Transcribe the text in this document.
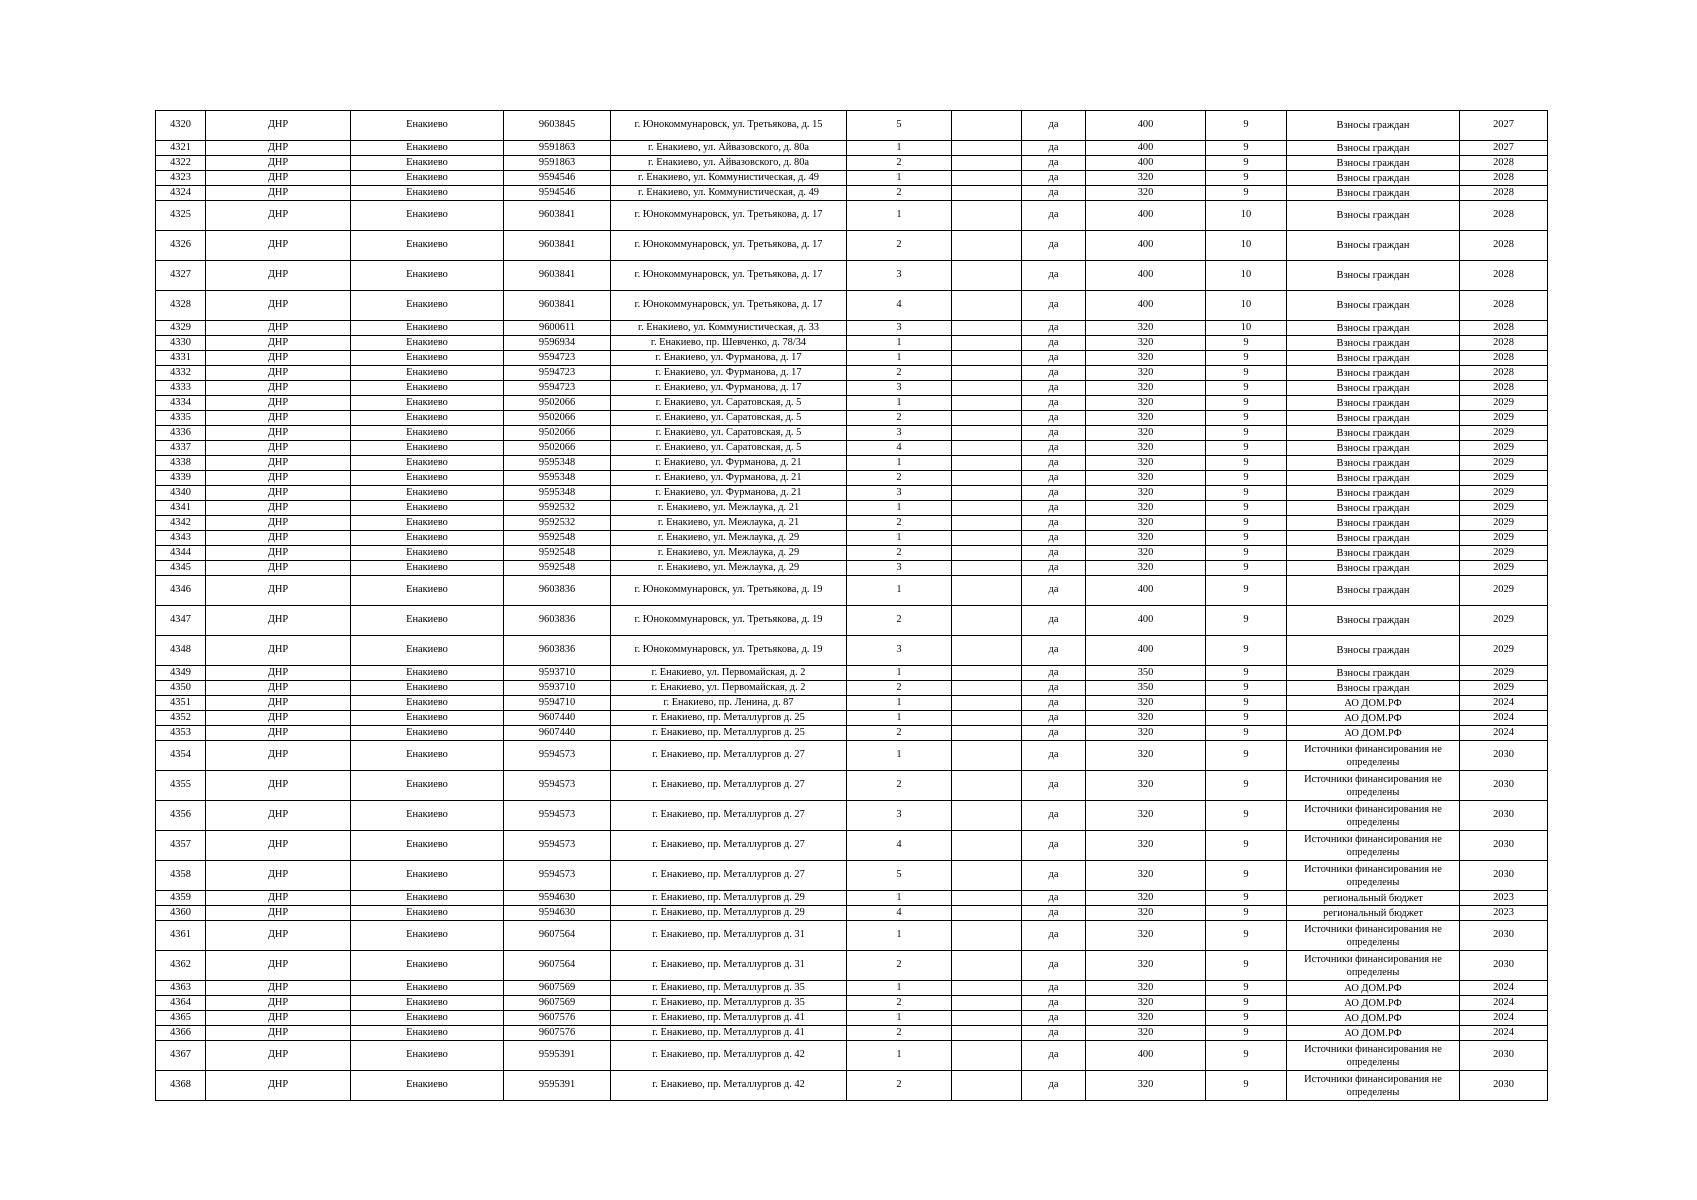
4320	ДНР	Енакиево	9603845	г. Юнокоммунаровск, ул. Третьякова, д. 15	5		да	400	9	Взносы граждан	2027
4321	ДНР	Енакиево	9591863	г. Енакиево, ул. Айвазовского, д. 80а	1		да	400	9	Взносы граждан	2027
4322	ДНР	Енакиево	9591863	г. Енакиево, ул. Айвазовского, д. 80а	2		да	400	9	Взносы граждан	2028
4323	ДНР	Енакиево	9594546	г. Енакиево, ул. Коммунистическая, д. 49	1		да	320	9	Взносы граждан	2028
4324	ДНР	Енакиево	9594546	г. Енакиево, ул. Коммунистическая, д. 49	2		да	320	9	Взносы граждан	2028
4325	ДНР	Енакиево	9603841	г. Юнокоммунаровск, ул. Третьякова, д. 17	1		да	400	10	Взносы граждан	2028
4326	ДНР	Енакиево	9603841	г. Юнокоммунаровск, ул. Третьякова, д. 17	2		да	400	10	Взносы граждан	2028
4327	ДНР	Енакиево	9603841	г. Юнокоммунаровск, ул. Третьякова, д. 17	3		да	400	10	Взносы граждан	2028
4328	ДНР	Енакиево	9603841	г. Юнокоммунаровск, ул. Третьякова, д. 17	4		да	400	10	Взносы граждан	2028
4329	ДНР	Енакиево	9600611	г. Енакиево, ул. Коммунистическая, д. 33	3		да	320	10	Взносы граждан	2028
4330	ДНР	Енакиево	9596934	г. Енакиево, пр. Шевченко, д. 78/34	1		да	320	9	Взносы граждан	2028
4331	ДНР	Енакиево	9594723	г. Енакиево, ул. Фурманова, д. 17	1		да	320	9	Взносы граждан	2028
4332	ДНР	Енакиево	9594723	г. Енакиево, ул. Фурманова, д. 17	2		да	320	9	Взносы граждан	2028
4333	ДНР	Енакиево	9594723	г. Енакиево, ул. Фурманова, д. 17	3		да	320	9	Взносы граждан	2028
4334	ДНР	Енакиево	9502066	г. Енакиево, ул. Саратовская, д. 5	1		да	320	9	Взносы граждан	2029
4335	ДНР	Енакиево	9502066	г. Енакиево, ул. Саратовская, д. 5	2		да	320	9	Взносы граждан	2029
4336	ДНР	Енакиево	9502066	г. Енакиево, ул. Саратовская, д. 5	3		да	320	9	Взносы граждан	2029
4337	ДНР	Енакиево	9502066	г. Енакиево, ул. Саратовская, д. 5	4		да	320	9	Взносы граждан	2029
4338	ДНР	Енакиево	9595348	г. Енакиево, ул. Фурманова, д. 21	1		да	320	9	Взносы граждан	2029
4339	ДНР	Енакиево	9595348	г. Енакиево, ул. Фурманова, д. 21	2		да	320	9	Взносы граждан	2029
4340	ДНР	Енакиево	9595348	г. Енакиево, ул. Фурманова, д. 21	3		да	320	9	Взносы граждан	2029
4341	ДНР	Енакиево	9592532	г. Енакиево, ул. Межлаука, д. 21	1		да	320	9	Взносы граждан	2029
4342	ДНР	Енакиево	9592532	г. Енакиево, ул. Межлаука, д. 21	2		да	320	9	Взносы граждан	2029
4343	ДНР	Енакиево	9592548	г. Енакиево, ул. Межлаука, д. 29	1		да	320	9	Взносы граждан	2029
4344	ДНР	Енакиево	9592548	г. Енакиево, ул. Межлаука, д. 29	2		да	320	9	Взносы граждан	2029
4345	ДНР	Енакиево	9592548	г. Енакиево, ул. Межлаука, д. 29	3		да	320	9	Взносы граждан	2029
4346	ДНР	Енакиево	9603836	г. Юнокоммунаровск, ул. Третьякова, д. 19	1		да	400	9	Взносы граждан	2029
4347	ДНР	Енакиево	9603836	г. Юнокоммунаровск, ул. Третьякова, д. 19	2		да	400	9	Взносы граждан	2029
4348	ДНР	Енакиево	9603836	г. Юнокоммунаровск, ул. Третьякова, д. 19	3		да	400	9	Взносы граждан	2029
4349	ДНР	Енакиево	9593710	г. Енакиево, ул. Первомайская, д. 2	1		да	350	9	Взносы граждан	2029
4350	ДНР	Енакиево	9593710	г. Енакиево, ул. Первомайская, д. 2	2		да	350	9	Взносы граждан	2029
4351	ДНР	Енакиево	9594710	г. Енакиево, пр. Ленина, д. 87	1		да	320	9	АО ДОМ.РФ	2024
4352	ДНР	Енакиево	9607440	г. Енакиево, пр. Металлургов д. 25	1		да	320	9	АО ДОМ.РФ	2024
4353	ДНР	Енакиево	9607440	г. Енакиево, пр. Металлургов д. 25	2		да	320	9	АО ДОМ.РФ	2024
4354	ДНР	Енакиево	9594573	г. Енакиево, пр. Металлургов д. 27	1		да	320	9	Источники финансирования не определены	2030
4355	ДНР	Енакиево	9594573	г. Енакиево, пр. Металлургов д. 27	2		да	320	9	Источники финансирования не определены	2030
4356	ДНР	Енакиево	9594573	г. Енакиево, пр. Металлургов д. 27	3		да	320	9	Источники финансирования не определены	2030
4357	ДНР	Енакиево	9594573	г. Енакиево, пр. Металлургов д. 27	4		да	320	9	Источники финансирования не определены	2030
4358	ДНР	Енакиево	9594573	г. Енакиево, пр. Металлургов д. 27	5		да	320	9	Источники финансирования не определены	2030
4359	ДНР	Енакиево	9594630	г. Енакиево, пр. Металлургов д. 29	1		да	320	9	региональный бюджет	2023
4360	ДНР	Енакиево	9594630	г. Енакиево, пр. Металлургов д. 29	4		да	320	9	региональный бюджет	2023
4361	ДНР	Енакиево	9607564	г. Енакиево, пр. Металлургов д. 31	1		да	320	9	Источники финансирования не определены	2030
4362	ДНР	Енакиево	9607564	г. Енакиево, пр. Металлургов д. 31	2		да	320	9	Источники финансирования не определены	2030
4363	ДНР	Енакиево	9607569	г. Енакиево, пр. Металлургов д. 35	1		да	320	9	АО ДОМ.РФ	2024
4364	ДНР	Енакиево	9607569	г. Енакиево, пр. Металлургов д. 35	2		да	320	9	АО ДОМ.РФ	2024
4365	ДНР	Енакиево	9607576	г. Енакиево, пр. Металлургов д. 41	1		да	320	9	АО ДОМ.РФ	2024
4366	ДНР	Енакиево	9607576	г. Енакиево, пр. Металлургов д. 41	2		да	320	9	АО ДОМ.РФ	2024
4367	ДНР	Енакиево	9595391	г. Енакиево, пр. Металлургов д. 42	1		да	400	9	Источники финансирования не определены	2030
4368	ДНР	Енакиево	9595391	г. Енакиево, пр. Металлургов д. 42	2		да	320	9	Источники финансирования не определены	2030
